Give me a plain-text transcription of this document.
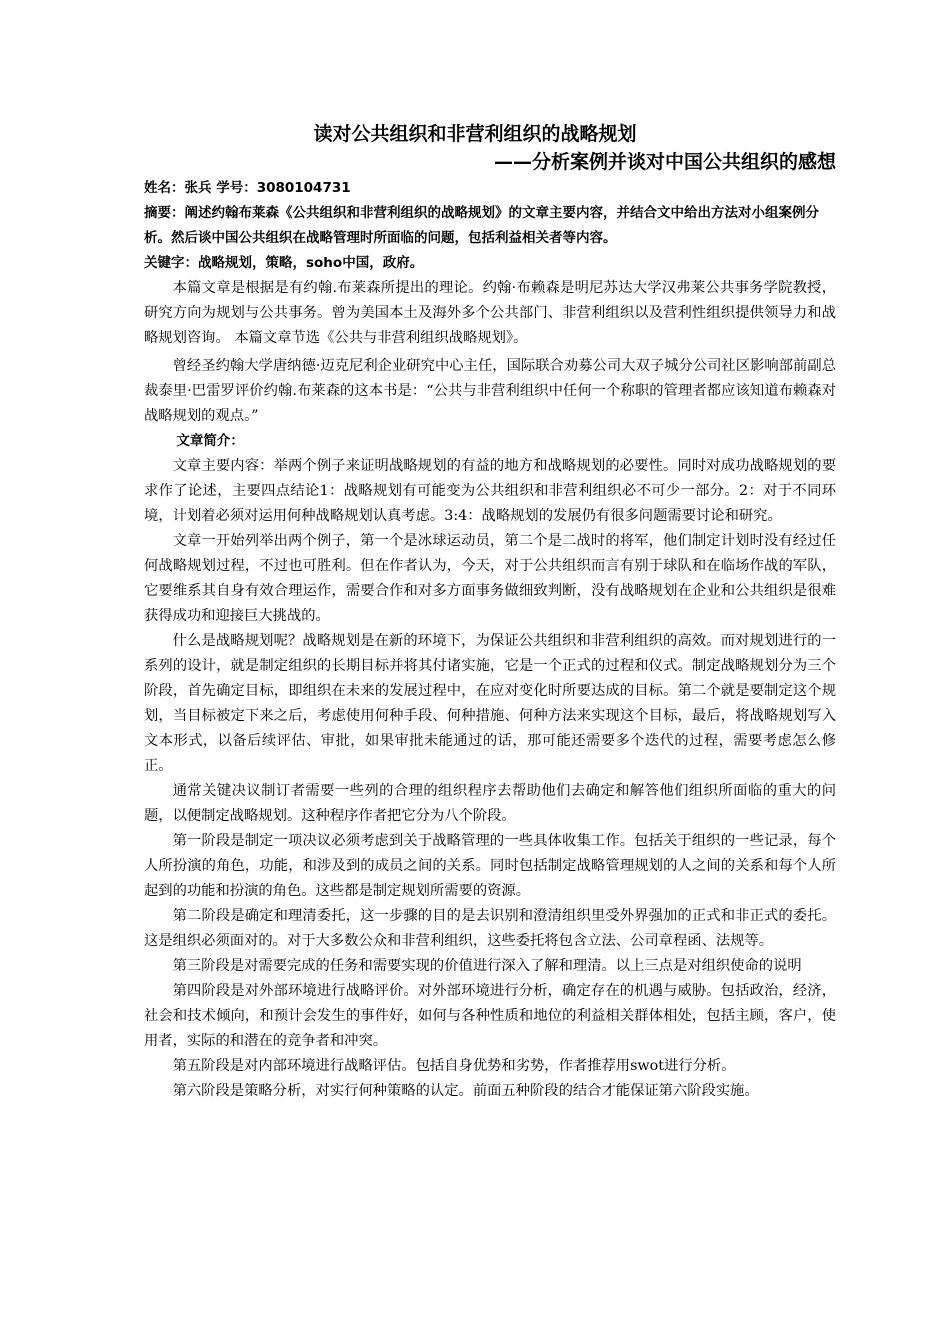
读对公共组织和非营利组织的战略规划

——分析案例并谈对中国公共组织的感想

姓名：张兵 学号：3080104731

摘要：阐述约翰布莱森《公共组织和非营利组织的战略规划》的文章主要内容，并结合文中给出方法对小组案例分析。然后谈中国公共组织在战略管理时所面临的问题，包括利益相关者等内容。

关键字：战略规划，策略，soho中国，政府。

本篇文章是根据是有约翰.布莱森所提出的理论。约翰·布赖森是明尼苏达大学汉弗莱公共事务学院教授，研究方向为规划与公共事务。曾为美国本土及海外多个公共部门、非营利组织以及营利性组织提供领导力和战略规划咨询。 本篇文章节选《公共与非营利组织战略规划》。

曾经圣约翰大学唐纳德·迈克尼利企业研究中心主任，国际联合劝募公司大双子城分公司社区影响部前副总裁泰里·巴雷罗评价约翰.布莱森的这本书是：“公共与非营利组织中任何一个称职的管理者都应该知道布赖森对战略规划的观点。”

文章简介：

文章主要内容：举两个例子来证明战略规划的有益的地方和战略规划的必要性。同时对成功战略规划的要求作了论述，主要四点结论1：战略规划有可能变为公共组织和非营利组织必不可少一部分。2：对于不同环境，计划着必须对运用何种战略规划认真考虑。3:4：战略规划的发展仍有很多问题需要讨论和研究。

文章一开始列举出两个例子，第一个是冰球运动员，第二个是二战时的将军，他们制定计划时没有经过任何战略规划过程，不过也可胜利。但在作者认为，今天，对于公共组织而言有别于球队和在临场作战的军队，它要维系其自身有效合理运作，需要合作和对多方面事务做细致判断，没有战略规划在企业和公共组织是很难获得成功和迎接巨大挑战的。

什么是战略规划呢？战略规划是在新的环境下，为保证公共组织和非营利组织的高效。而对规划进行的一系列的设计，就是制定组织的长期目标并将其付诸实施，它是一个正式的过程和仪式。制定战略规划分为三个阶段，首先确定目标，即组织在未来的发展过程中，在应对变化时所要达成的目标。第二个就是要制定这个规划，当目标被定下来之后，考虑使用何种手段、何种措施、何种方法来实现这个目标，最后，将战略规划写入文本形式，以备后续评估、审批，如果审批未能通过的话，那可能还需要多个迭代的过程，需要考虑怎么修正。

通常关键决议制订者需要一些列的合理的组织程序去帮助他们去确定和解答他们组织所面临的重大的问题，以便制定战略规划。这种程序作者把它分为八个阶段。

第一阶段是制定一项决议必须考虑到关于战略管理的一些具体收集工作。包括关于组织的一些记录，每个人所扮演的角色，功能，和涉及到的成员之间的关系。同时包括制定战略管理规划的人之间的关系和每个人所起到的功能和扮演的角色。这些都是制定规划所需要的资源。

第二阶段是确定和理清委托，这一步骤的目的是去识别和澄清组织里受外界强加的正式和非正式的委托。这是组织必须面对的。对于大多数公众和非营利组织，这些委托将包含立法、公司章程函、法规等。

第三阶段是对需要完成的任务和需要实现的价值进行深入了解和理清。以上三点是对组织使命的说明

第四阶段是对外部环境进行战略评价。对外部环境进行分析，确定存在的机遇与威胁。包括政治，经济，社会和技术倾向，和预计会发生的事件好，如何与各种性质和地位的利益相关群体相处，包括主顾，客户，使用者，实际的和潜在的竞争者和冲突。

第五阶段是对内部环境进行战略评估。包括自身优势和劣势，作者推荐用swot进行分析。

第六阶段是策略分析，对实行何种策略的认定。前面五种阶段的结合才能保证第六阶段实施。
